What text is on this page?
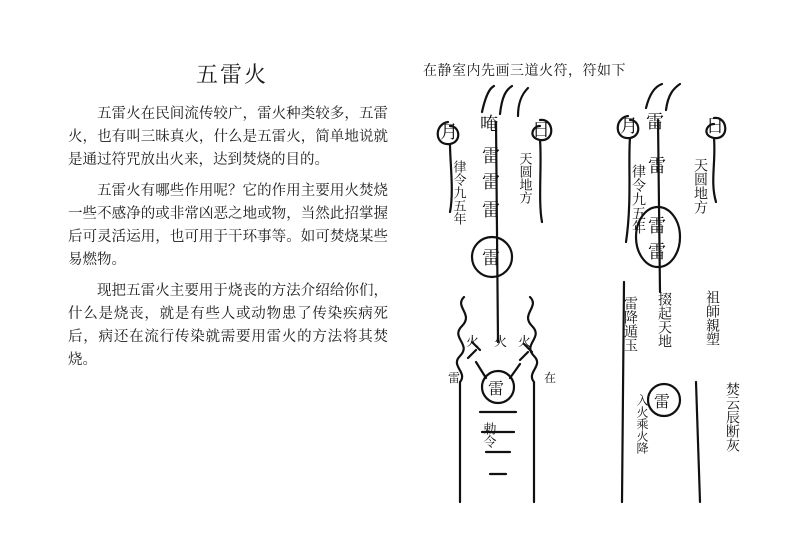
五雷火

五雷火在民间流传较广，雷火种类较多，五雷火，也有叫三昧真火，什么是五雷火，简单地说就是通过符咒放出火来，达到焚烧的目的。

五雷火有哪些作用呢？它的作用主要用火焚烧一些不感净的或非常凶恶之地或物，当然此招掌握后可灵活运用，也可用于干环事等。如可焚烧某些易燃物。

现把五雷火主要用于烧丧的方法介绍给你们，什么是烧丧，就是有些人或动物患了传染疾病死后，病还在流行传染就需要用雷火的方法将其焚烧。

在静室内先画三道火符，符如下
月	日
唵
雷
雷
雷
雷
雷
火 火 火
雷	在
律令九五年	天圆地方
勅令
月	日
雷
雷
雷
雷
雷
律令九五年	天圆地方
雷降遁玉 掇起天地 祖師親塑
入火乘火降	焚云辰断灰
